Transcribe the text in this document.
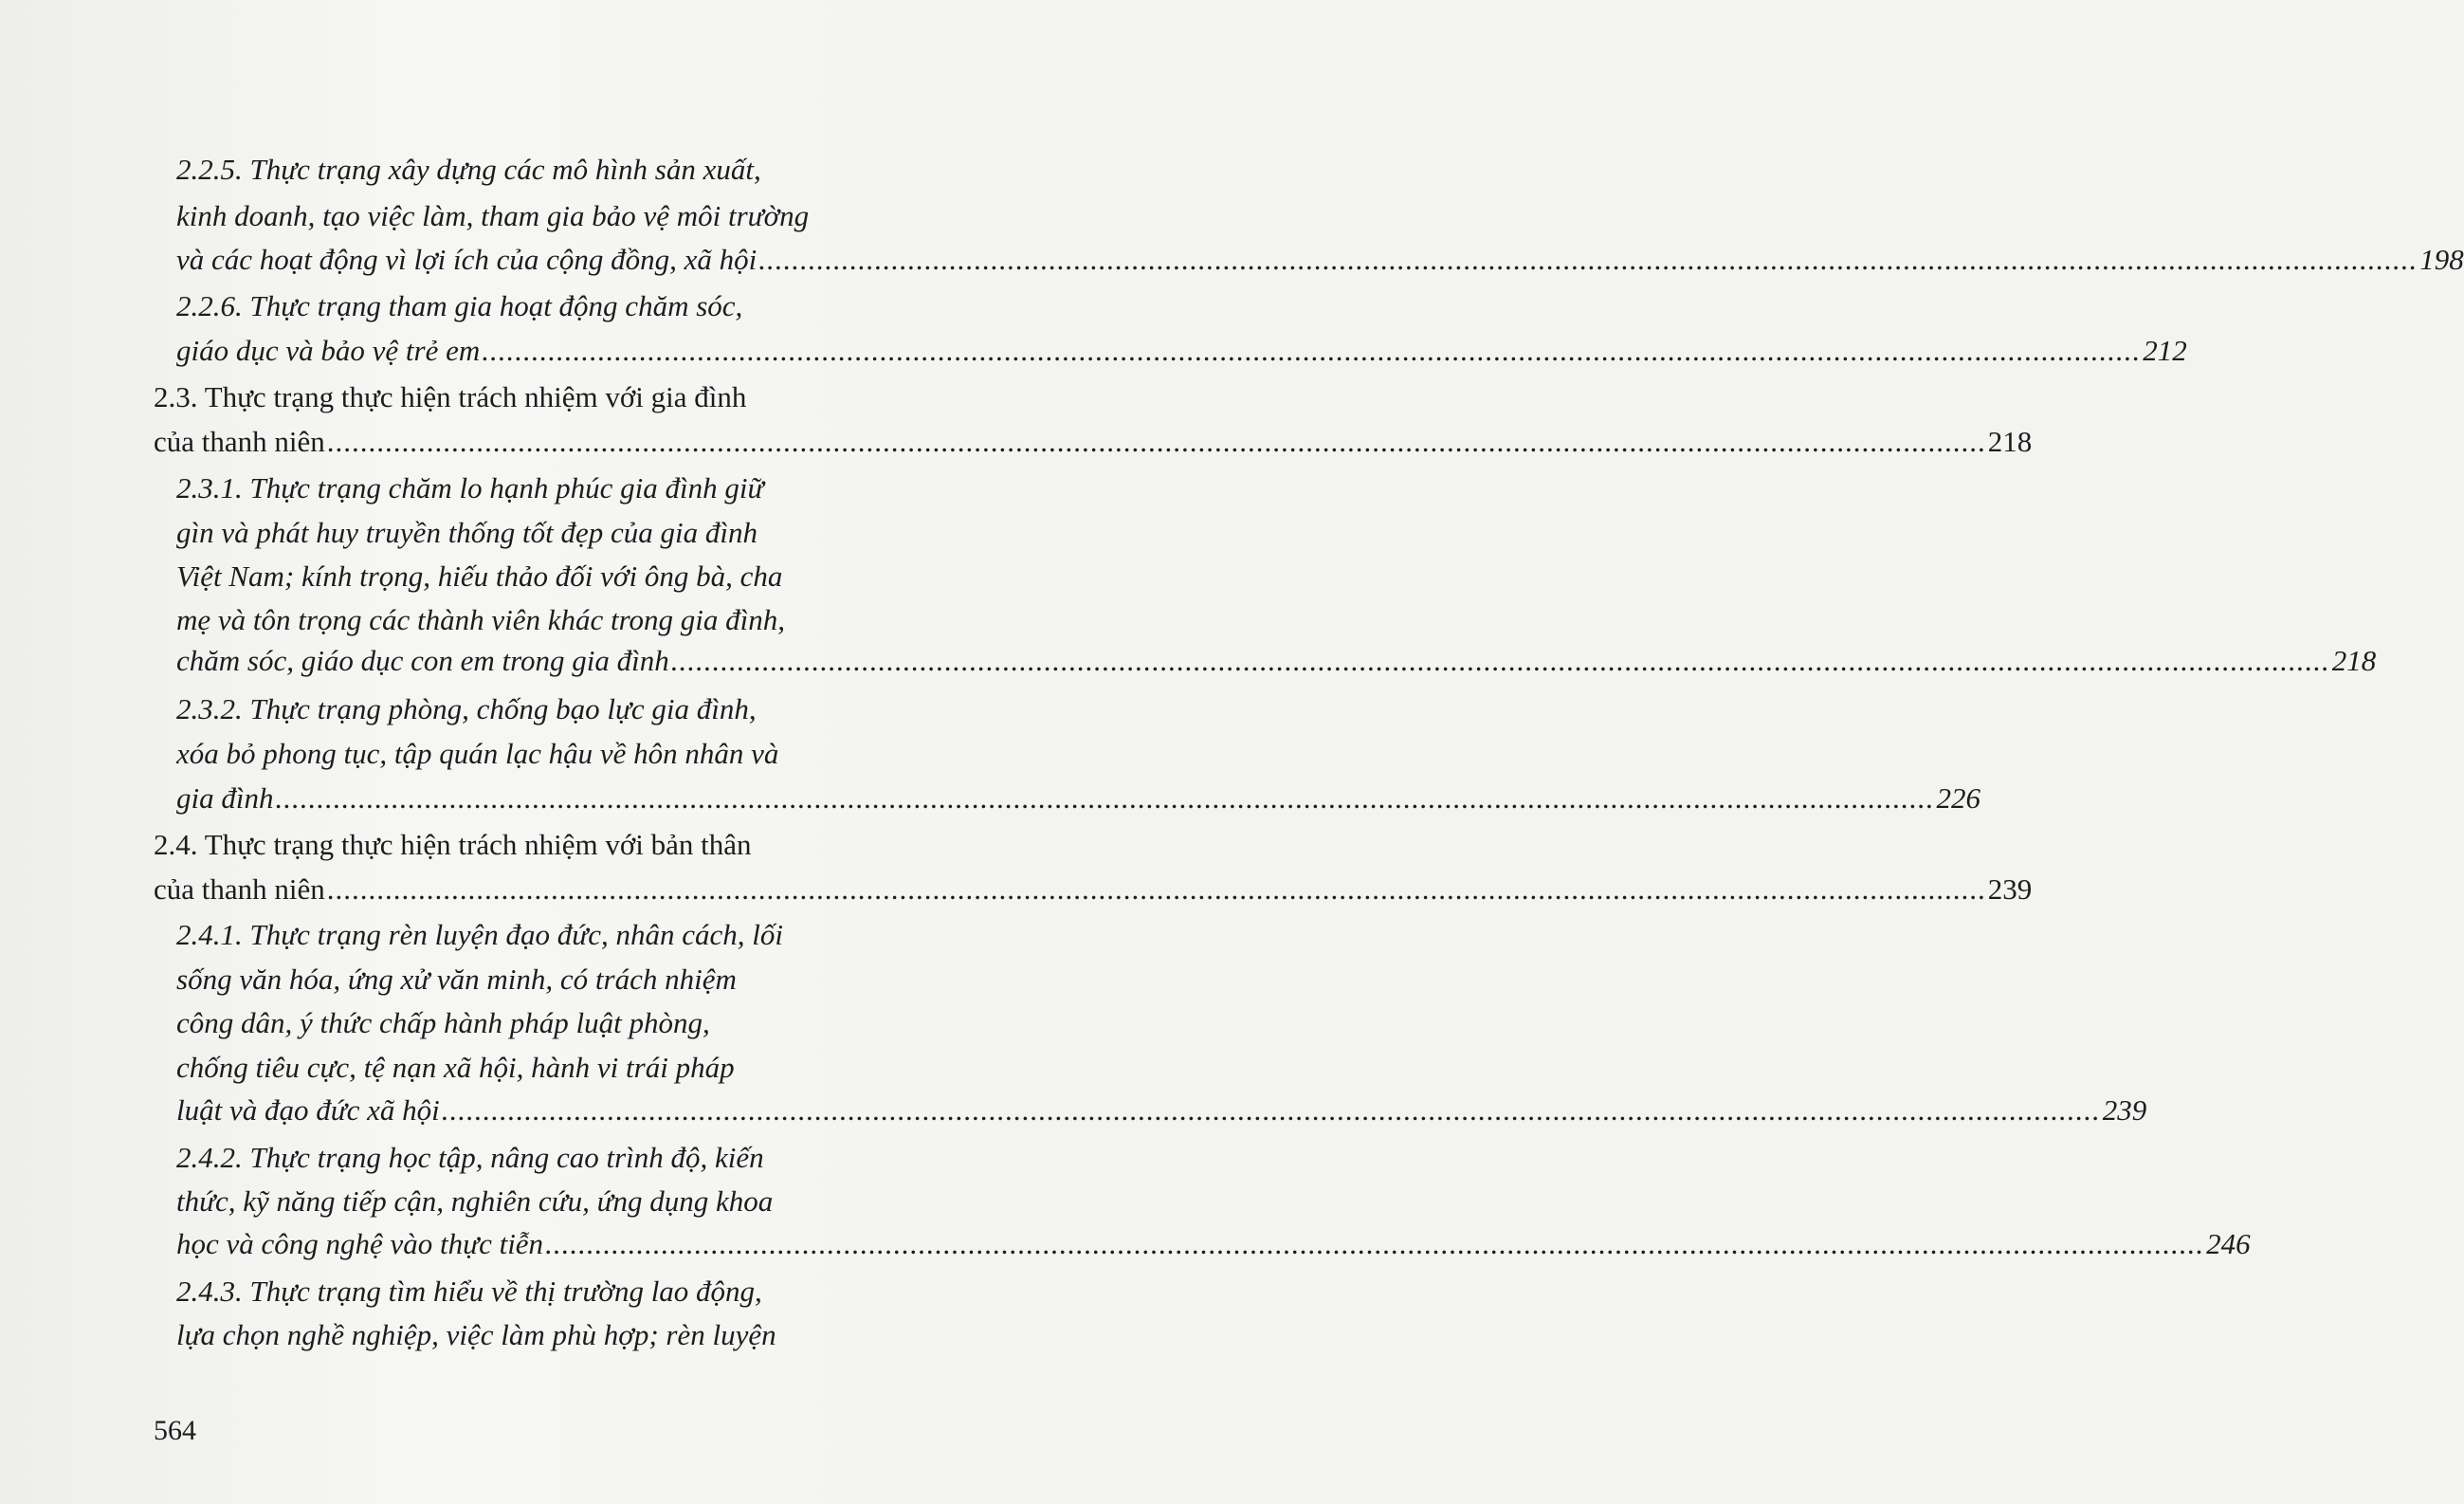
2.2.5. Thực trạng xây dựng các mô hình sản xuất,
kinh doanh, tạo việc làm, tham gia bảo vệ môi trường
và các hoạt động vì lợi ích của cộng đồng, xã hội ........................................................................................................................................................................................................ 198
2.2.6. Thực trạng tham gia hoạt động chăm sóc,
giáo dục và bảo vệ trẻ em ........................................................................................................................................................................................................ 212
2.3. Thực trạng thực hiện trách nhiệm với gia đình
của thanh niên ........................................................................................................................................................................................................ 218
2.3.1. Thực trạng chăm lo hạnh phúc gia đình giữ
gìn và phát huy truyền thống tốt đẹp của gia đình
Việt Nam; kính trọng, hiếu thảo đối với ông bà, cha
mẹ và tôn trọng các thành viên khác trong gia đình,
chăm sóc, giáo dục con em trong gia đình ........................................................................................................................................................................................................ 218
2.3.2. Thực trạng phòng, chống bạo lực gia đình,
xóa bỏ phong tục, tập quán lạc hậu về hôn nhân và
gia đình ........................................................................................................................................................................................................ 226
2.4. Thực trạng thực hiện trách nhiệm với bản thân
của thanh niên ........................................................................................................................................................................................................ 239
2.4.1. Thực trạng rèn luyện đạo đức, nhân cách, lối
sống văn hóa, ứng xử văn minh, có trách nhiệm
công dân, ý thức chấp hành pháp luật phòng,
chống tiêu cực, tệ nạn xã hội, hành vi trái pháp
luật và đạo đức xã hội ........................................................................................................................................................................................................ 239
2.4.2. Thực trạng học tập, nâng cao trình độ, kiến
thức, kỹ năng tiếp cận, nghiên cứu, ứng dụng khoa
học và công nghệ vào thực tiễn ........................................................................................................................................................................................................ 246
2.4.3. Thực trạng tìm hiểu về thị trường lao động,
lựa chọn nghề nghiệp, việc làm phù hợp; rèn luyện
564
